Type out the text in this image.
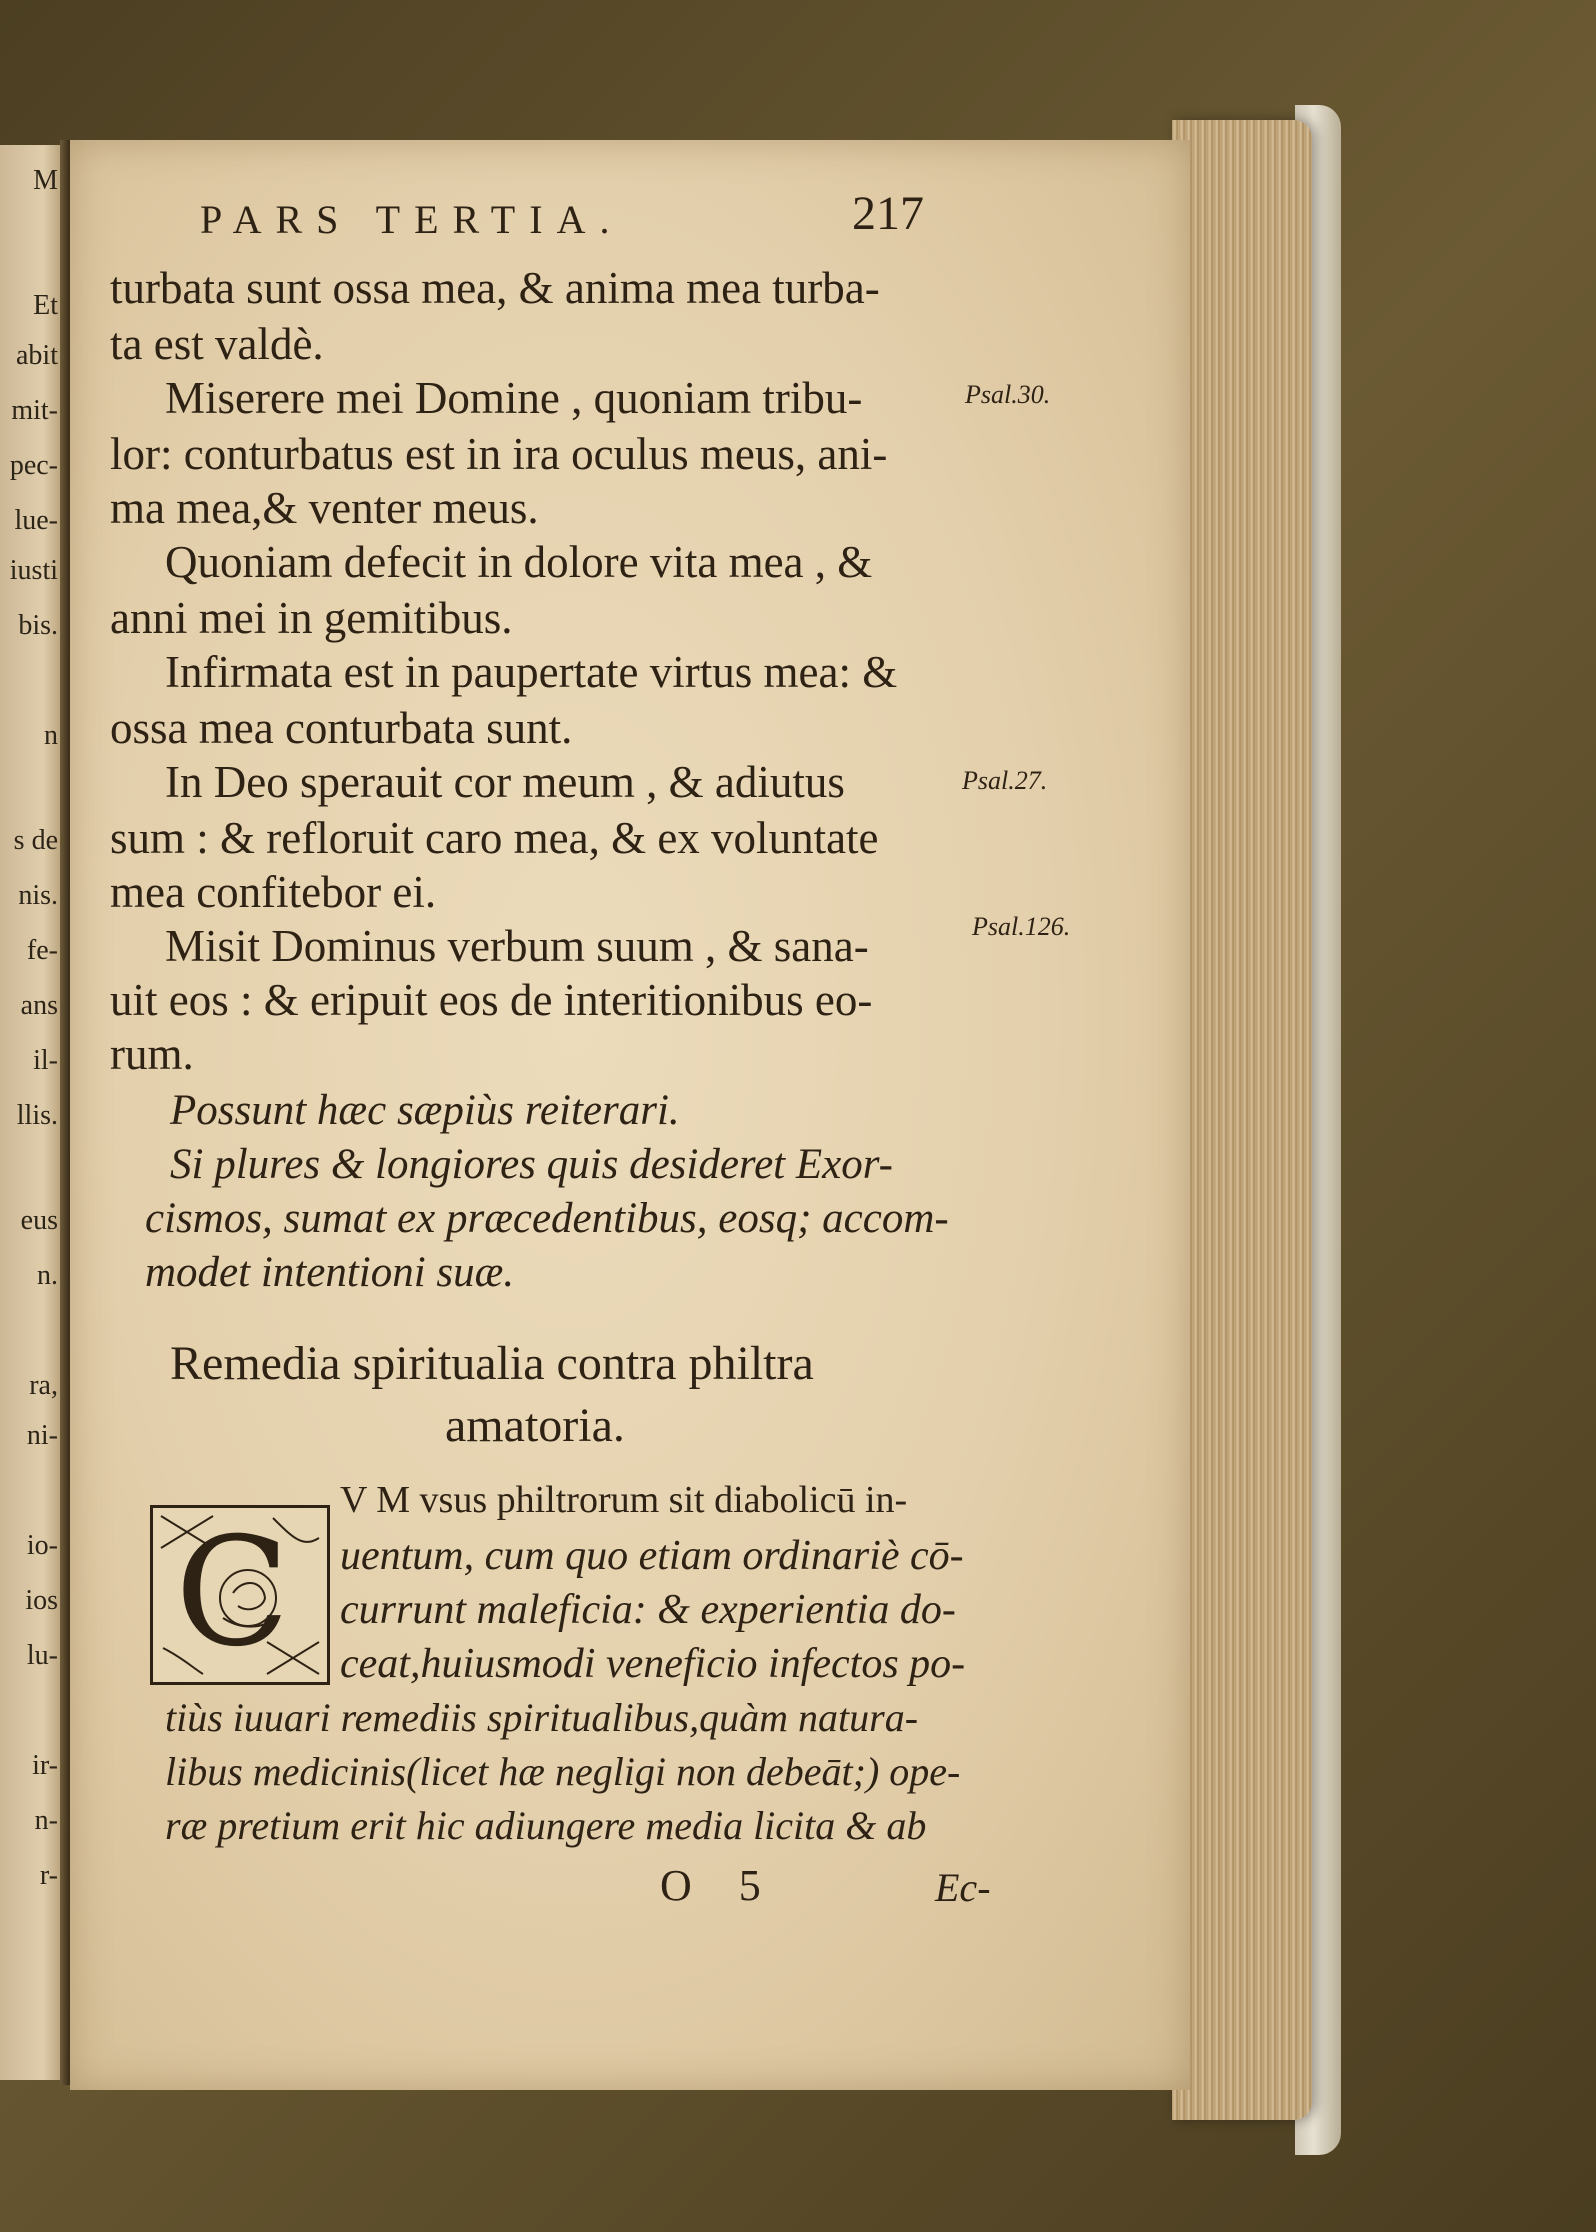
M
Et
abit
mit-
pec-
lue-
iusti
bis.
n
s de
nis.
fe-
ans
il-
llis.
eus
n.
ra,
ni-
io-
ios
lu-
ir-
n-
r-
PARS TERTIA.	217
turbata sunt ossa mea, & anima mea turba-
ta est valdè.
Miserere mei Domine , quoniam tribu-
lor: conturbatus est in ira oculus meus, ani-
ma mea,& venter meus.
Quoniam defecit in dolore vita mea , &
anni mei in gemitibus.
Infirmata est in paupertate virtus mea: &
ossa mea conturbata sunt.
In Deo sperauit cor meum , & adiutus
sum : & refloruit caro mea, & ex voluntate
mea confitebor ei.
Misit Dominus verbum suum , & sana-
uit eos : & eripuit eos de interitionibus eo-
rum.
Psal.30.
Psal.27.
Psal.126.
Possunt hæc sæpiùs reiterari.
Si plures & longiores quis desideret Exor-
cismos, sumat ex præcedentibus, eosq; accom-
modet intentioni suæ.
Remedia spiritualia contra philtra
amatoria.
C
V M vsus philtrorum sit diabolicū in-
uentum, cum quo etiam ordinariè cō-
currunt maleficia: & experientia do-
ceat,huiusmodi veneficio infectos po-
tiùs iuuari remediis spiritualibus,quàm natura-
libus medicinis(licet hæ negligi non debeāt;) ope-
ræ pretium erit hic adiungere media licita & ab
O 5	Ec-
